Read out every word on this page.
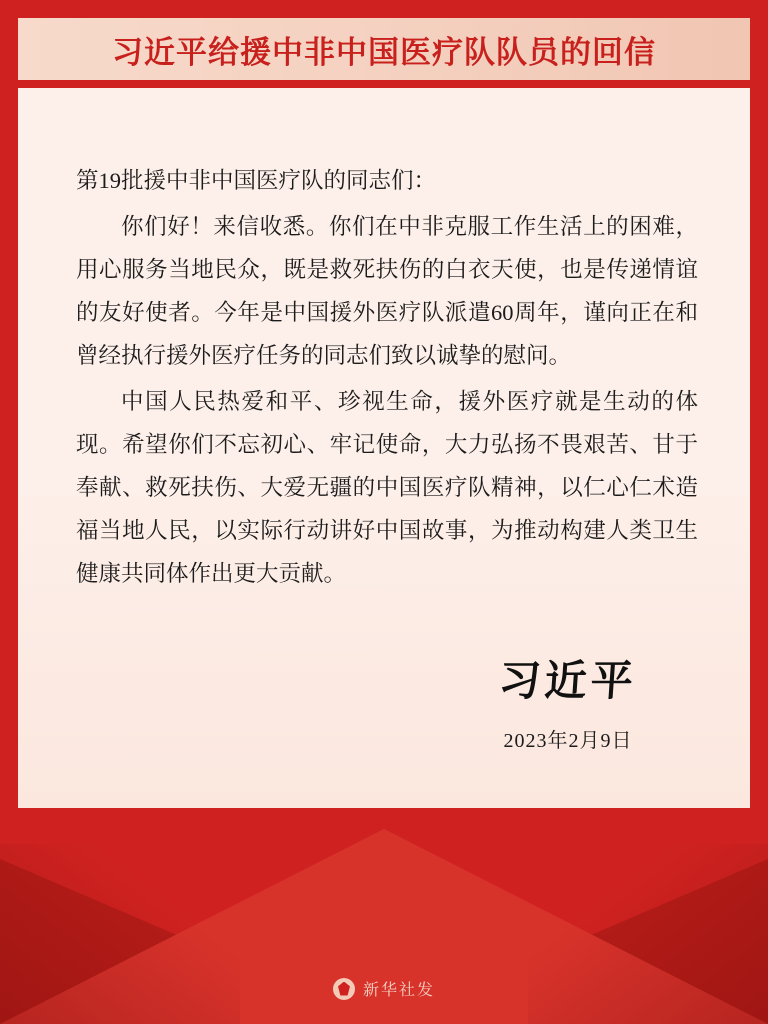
习近平给援中非中国医疗队队员的回信
第19批援中非中国医疗队的同志们：
你们好！来信收悉。你们在中非克服工作生活上的困难，用心服务当地民众，既是救死扶伤的白衣天使，也是传递情谊的友好使者。今年是中国援外医疗队派遣60周年，谨向正在和曾经执行援外医疗任务的同志们致以诚挚的慰问。
中国人民热爱和平、珍视生命，援外医疗就是生动的体现。希望你们不忘初心、牢记使命，大力弘扬不畏艰苦、甘于奉献、救死扶伤、大爱无疆的中国医疗队精神，以仁心仁术造福当地人民，以实际行动讲好中国故事，为推动构建人类卫生健康共同体作出更大贡献。
习近平
2023年2月9日
新华社发
